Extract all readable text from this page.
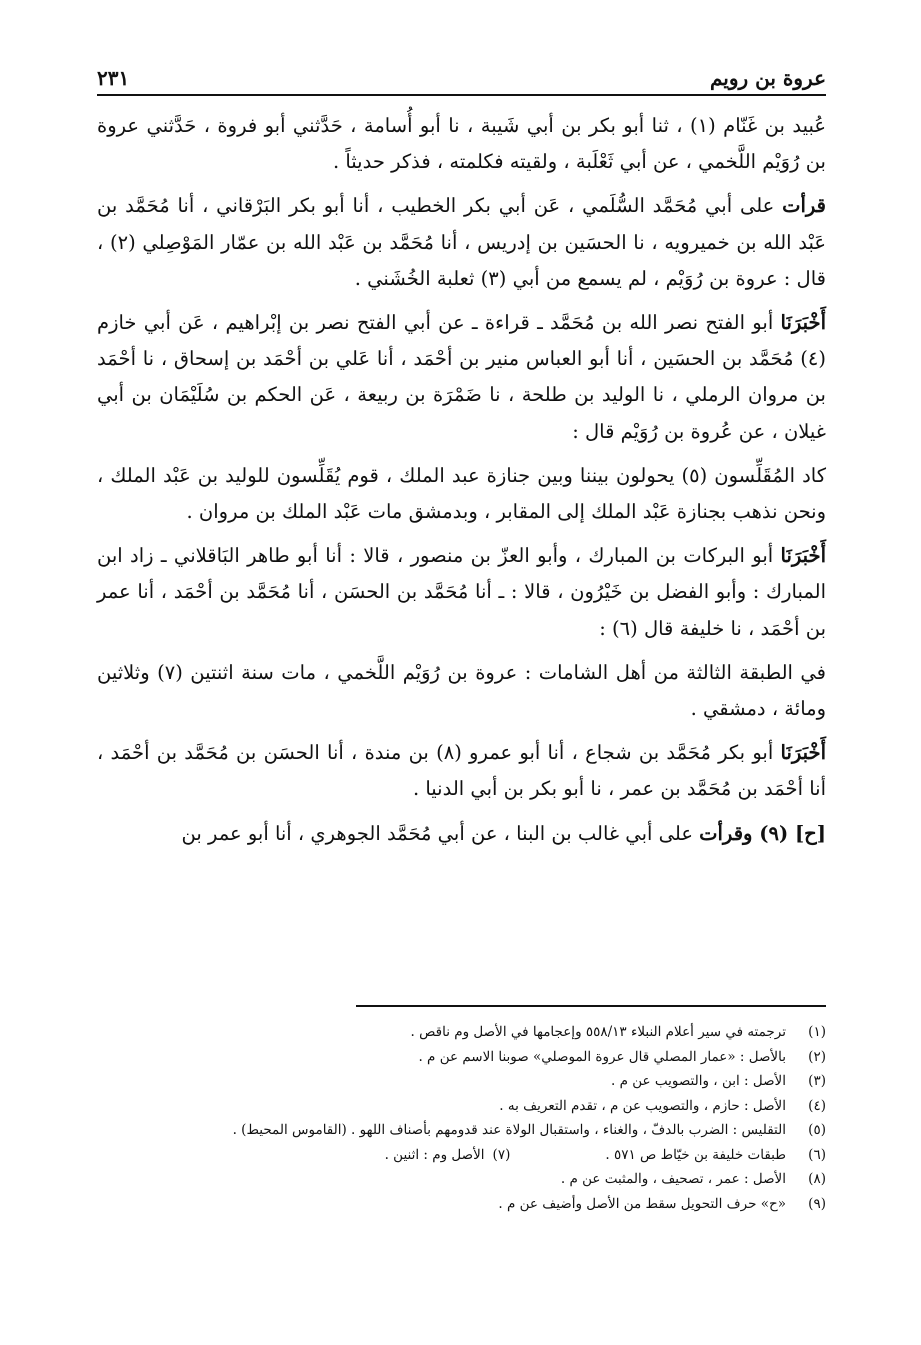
عروة بن رويم
٢٣١

عُبيد بن غَنّام (١) ، ثنا أبو بكر بن أبي شَيبة ، نا أبو أُسامة ، حَدَّثني أبو فروة ، حَدَّثني عروة بن رُوَيْم اللَّخمي ، عن أبي ثَعْلَبة ، ولقيته فكلمته ، فذكر حديثاً .

قرأت على أبي مُحَمَّد السُّلَمي ، عَن أبي بكر الخطيب ، أنا أبو بكر البَرْقاني ، أنا مُحَمَّد بن عَبْد الله بن خميرويه ، نا الحسَين بن إدريس ، أنا مُحَمَّد بن عَبْد الله بن عمّار المَوْصِلي (٢) ، قال : عروة بن رُوَيْم ، لم يسمع من أبي (٣) ثعلبة الخُشَني .

أَخْبَرَنَا أبو الفتح نصر الله بن مُحَمَّد ـ قراءة ـ عن أبي الفتح نصر بن إبْراهيم ، عَن أبي خازم (٤) مُحَمَّد بن الحسَين ، أنا أبو العباس منير بن أحْمَد ، أنا عَلي بن أحْمَد بن إسحاق ، نا أحْمَد بن مروان الرملي ، نا الوليد بن طلحة ، نا ضَمْرَة بن ربيعة ، عَن الحكم بن سُلَيْمَان بن أبي غيلان ، عن عُروة بن رُوَيْم قال :

كاد المُقَلِّسون (٥) يحولون بيننا وبين جنازة عبد الملك ، قوم يُقَلِّسون للوليد بن عَبْد الملك ، ونحن نذهب بجنازة عَبْد الملك إلى المقابر ، وبدمشق مات عَبْد الملك بن مروان .

أَخْبَرَنَا أبو البركات بن المبارك ، وأبو العزّ بن منصور ، قالا : أنا أبو طاهر البَاقلاني ـ زاد ابن المبارك : وأبو الفضل بن خَيْرُون ، قالا : ـ أنا مُحَمَّد بن الحسَن ، أنا مُحَمَّد بن أحْمَد ، أنا عمر بن أحْمَد ، نا خليفة قال (٦) :

في الطبقة الثالثة من أهل الشامات : عروة بن رُوَيْم اللَّخمي ، مات سنة اثنتين (٧) وثلاثين ومائة ، دمشقي .

أَخْبَرَنَا أبو بكر مُحَمَّد بن شجاع ، أنا أبو عمرو (٨) بن مندة ، أنا الحسَن بن مُحَمَّد بن أحْمَد ، أنا أحْمَد بن مُحَمَّد بن عمر ، نا أبو بكر بن أبي الدنيا .

[ح] (٩) وقرأت على أبي غالب بن البنا ، عن أبي مُحَمَّد الجوهري ، أنا أبو عمر بن

(١)
ترجمته في سير أعلام النبلاء ٥٥٨/١٣ وإعجامها في الأصل وم ناقص .
(٢)
بالأصل : «عمار المصلي قال عروة الموصلي» صوبنا الاسم عن م .
(٣)
الأصل : ابن ، والتصويب عن م .
(٤)
الأصل : حازم ، والتصويب عن م ، تقدم التعريف به .
(٥)
التقليس : الضرب بالدفّ ، والغناء ، واستقبال الولاة عند قدومهم بأصناف اللهو . (القاموس المحيط) .
(٦)
طبقات خليفة بن خيّاط ص ٥٧١ .(٧)الأصل وم : اثنين .
(٨)
الأصل : عمر ، تصحيف ، والمثبت عن م .
(٩)
«ح» حرف التحويل سقط من الأصل وأضيف عن م .
